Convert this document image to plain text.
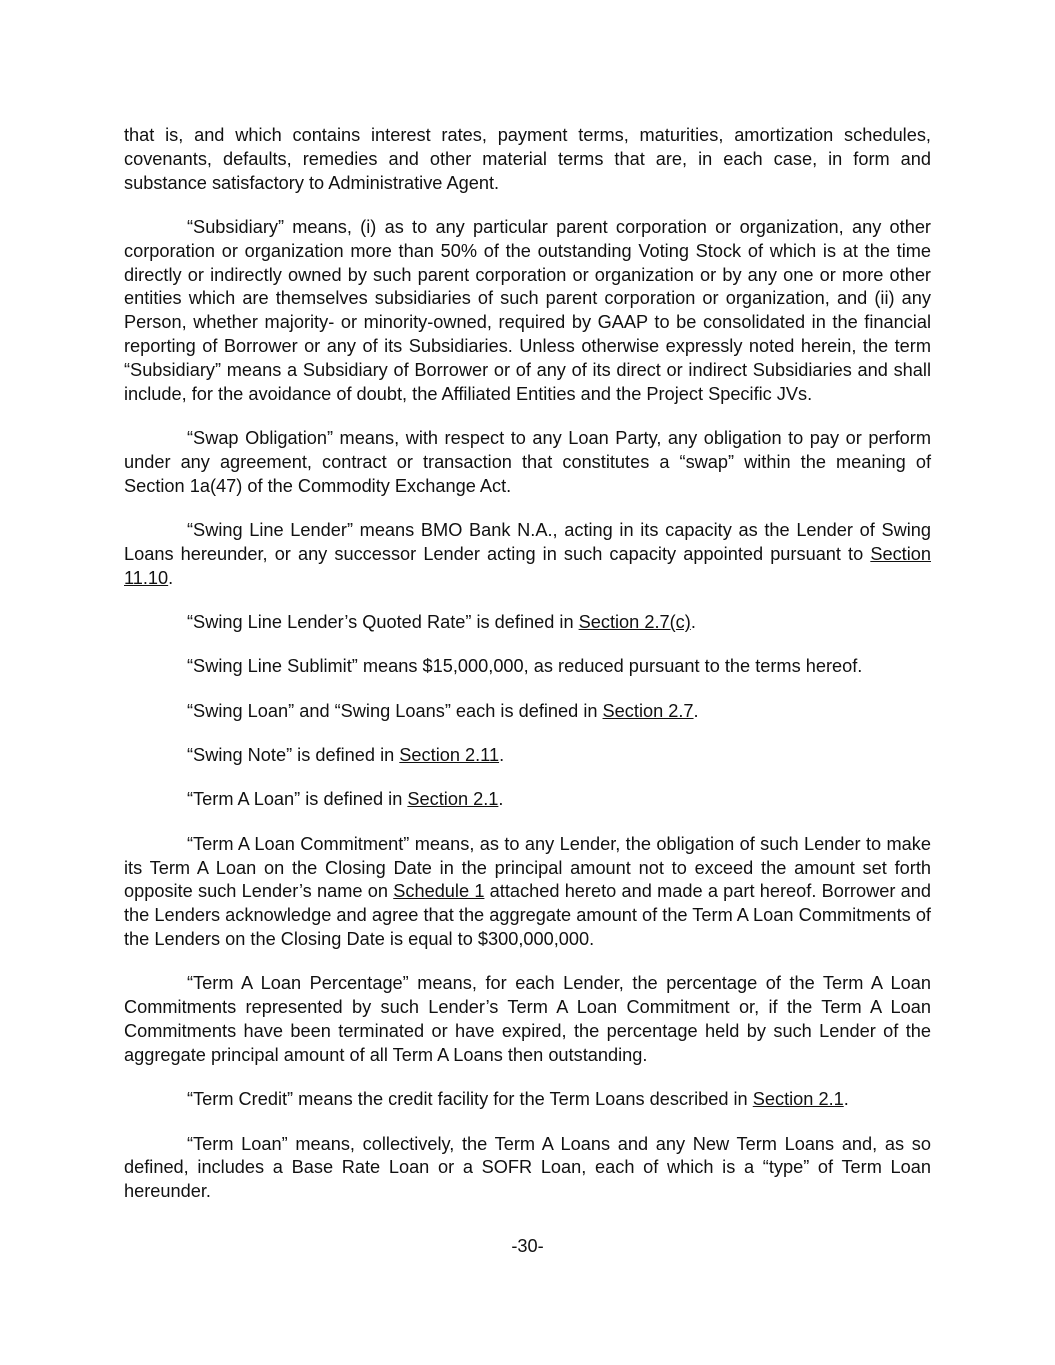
that is, and which contains interest rates, payment terms, maturities, amortization schedules, covenants, defaults, remedies and other material terms that are, in each case, in form and substance satisfactory to Administrative Agent.

“Subsidiary” means, (i) as to any particular parent corporation or organization, any other corporation or organization more than 50% of the outstanding Voting Stock of which is at the time directly or indirectly owned by such parent corporation or organization or by any one or more other entities which are themselves subsidiaries of such parent corporation or organization, and (ii) any Person, whether majority- or minority-owned, required by GAAP to be consolidated in the financial reporting of Borrower or any of its Subsidiaries. Unless otherwise expressly noted herein, the term “Subsidiary” means a Subsidiary of Borrower or of any of its direct or indirect Subsidiaries and shall include, for the avoidance of doubt, the Affiliated Entities and the Project Specific JVs.

“Swap Obligation” means, with respect to any Loan Party, any obligation to pay or perform under any agreement, contract or transaction that constitutes a “swap” within the meaning of Section 1a(47) of the Commodity Exchange Act.

“Swing Line Lender” means BMO Bank N.A., acting in its capacity as the Lender of Swing Loans hereunder, or any successor Lender acting in such capacity appointed pursuant to Section 11.10.

“Swing Line Lender’s Quoted Rate” is defined in Section 2.7(c).

“Swing Line Sublimit” means $15,000,000, as reduced pursuant to the terms hereof.

“Swing Loan” and “Swing Loans” each is defined in Section 2.7.

“Swing Note” is defined in Section 2.11.

“Term A Loan” is defined in Section 2.1.

“Term A Loan Commitment” means, as to any Lender, the obligation of such Lender to make its Term A Loan on the Closing Date in the principal amount not to exceed the amount set forth opposite such Lender’s name on Schedule 1 attached hereto and made a part hereof. Borrower and the Lenders acknowledge and agree that the aggregate amount of the Term A Loan Commitments of the Lenders on the Closing Date is equal to $300,000,000.

“Term A Loan Percentage” means, for each Lender, the percentage of the Term A Loan Commitments represented by such Lender’s Term A Loan Commitment or, if the Term A Loan Commitments have been terminated or have expired, the percentage held by such Lender of the aggregate principal amount of all Term A Loans then outstanding.

“Term Credit” means the credit facility for the Term Loans described in Section 2.1.

“Term Loan” means, collectively, the Term A Loans and any New Term Loans and, as so defined, includes a Base Rate Loan or a SOFR Loan, each of which is a “type” of Term Loan hereunder.

-30-
